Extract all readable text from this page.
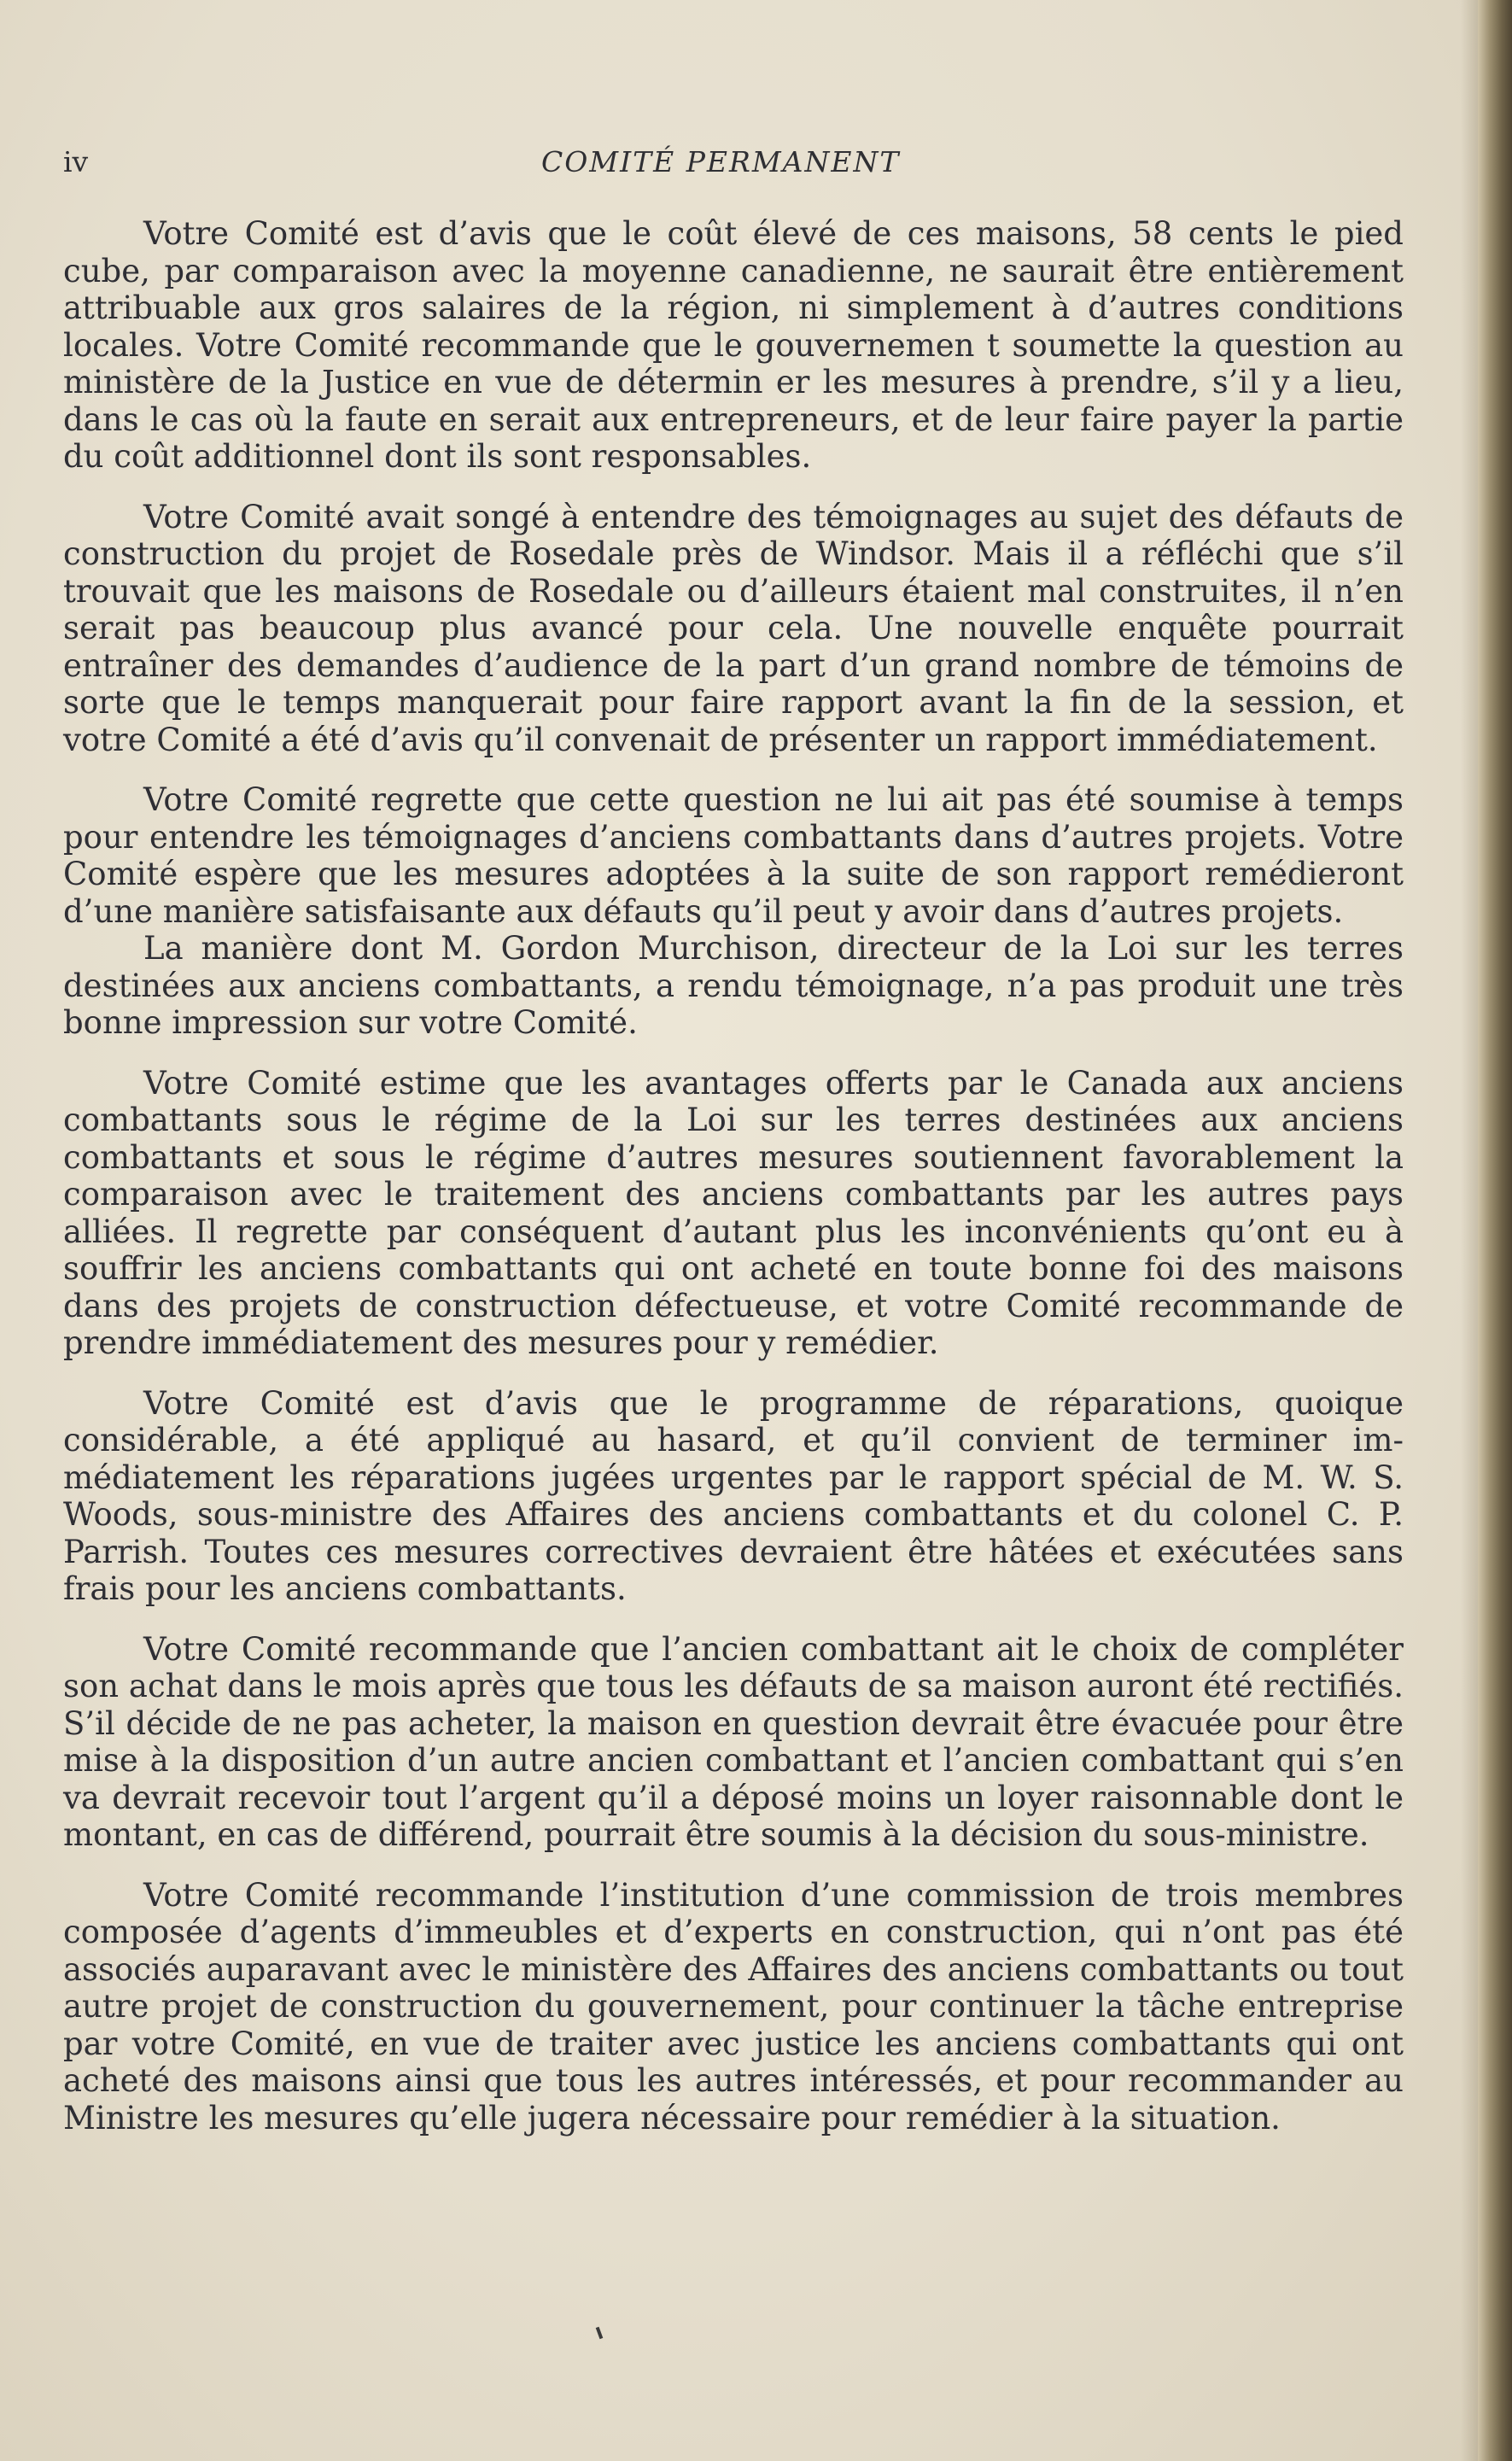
iv	COMITÉ PERMANENT

Votre Comité est d’avis que le coût élevé de ces maisons, 58 cents le pied cube, par comparaison avec la moyenne canadienne, ne saurait être entièrement attribuable aux gros salaires de la région, ni simplement à d’autres conditions locales. Votre Comité recommande que le gouvernemen t soumette la question au ministère de la Justice en vue de détermin er les mesures à prendre, s’il y a lieu, dans le cas où la faute en serait aux entrepreneurs, et de leur faire payer la partie du coût additionnel dont ils sont responsables.

Votre Comité avait songé à entendre des témoignages au sujet des défauts de construction du projet de Rosedale près de Windsor. Mais il a réfléchi que s’il trouvait que les maisons de Rosedale ou d’ailleurs étaient mal construites, il n’en serait pas beaucoup plus avancé pour cela. Une nouvelle enquête pourrait entraîner des demandes d’audience de la part d’un grand nombre de témoins de sorte que le temps manquerait pour faire rapport avant la fin de la session, et votre Comité a été d’avis qu’il convenait de présenter un rapport immédiatement.

Votre Comité regrette que cette question ne lui ait pas été soumise à temps pour entendre les témoignages d’anciens combattants dans d’autres projets. Votre Comité espère que les mesures adoptées à la suite de son rapport remédieront d’une manière satisfaisante aux défauts qu’il peut y avoir dans d’autres projets.

La manière dont M. Gordon Murchison, directeur de la Loi sur les terres destinées aux anciens combattants, a rendu témoignage, n’a pas produit une très bonne impression sur votre Comité.

Votre Comité estime que les avantages offerts par le Canada aux anciens combattants sous le régime de la Loi sur les terres destinées aux anciens combattants et sous le régime d’autres mesures soutiennent favorablement la comparaison avec le traitement des anciens combattants par les autres pays alliées. Il regrette par conséquent d’autant plus les inconvénients qu’ont eu à souffrir les anciens combattants qui ont acheté en toute bonne foi des maisons dans des projets de construction défectueuse, et votre Comité recommande de prendre immédiatement des mesures pour y remédier.

Votre Comité est d’avis que le programme de réparations, quoique considérable, a été appliqué au hasard, et qu’il convient de terminer immédiatement les réparations jugées urgentes par le rapport spécial de M. W. S. Woods, sous-ministre des Affaires des anciens combattants et du colonel C. P. Parrish. Toutes ces mesures correctives devraient être hâtées et exécutées sans frais pour les anciens combattants.

Votre Comité recommande que l’ancien combattant ait le choix de compléter son achat dans le mois après que tous les défauts de sa maison auront été rectifiés. S’il décide de ne pas acheter, la maison en question devrait être évacuée pour être mise à la disposition d’un autre ancien combattant et l’ancien combattant qui s’en va devrait recevoir tout l’argent qu’il a déposé moins un loyer raisonnable dont le montant, en cas de différend, pourrait être soumis à la décision du sous-ministre.

Votre Comité recommande l’institution d’une commission de trois membres composée d’agents d’immeubles et d’experts en construction, qui n’ont pas été associés auparavant avec le ministère des Affaires des anciens combattants ou tout autre projet de construction du gouvernement, pour continuer la tâche entreprise par votre Comité, en vue de traiter avec justice les anciens combattants qui ont acheté des maisons ainsi que tous les autres intéressés, et pour recommander au Ministre les mesures qu’elle jugera nécessaire pour remédier à la situation.
